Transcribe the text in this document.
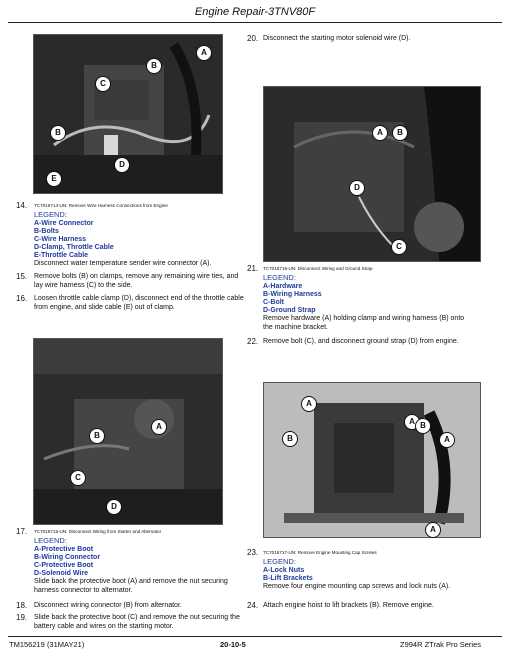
Engine Repair-3TNV80F
A
B
C
B
D
E
14. TC7016714-UN: Remove Wire Harness Connections from Engine
LEGEND:
A-Wire Connector
B-Bolts
C-Wire Harness
D-Clamp, Throttle Cable
E-Throttle Cable
Disconnect water temperature sender wire connector (A).
15. Remove bolts (B) on clamps, remove any remaining wire ties, and lay wire harness (C) to the side.
16. Loosen throttle cable clamp (D), disconnect end of the throttle cable from engine, and slide cable (E) out of clamp.
B
A
C
D
17. TC7016715-UN: Disconnect Wiring from Starter and Alternator
LEGEND:
A-Protective Boot
B-Wiring Connector
C-Protective Boot
D-Solenoid Wire
Slide back the protective boot (A) and remove the nut securing harness connector to alternator.
18. Disconnect wiring connector (B) from alternator.
19. Slide back the protective boot (C) and remove the nut securing the battery cable and wires on the starting motor.
20. Disconnect the starting motor solenoid wire (D).
A	B
D
C
21. TC7016716-UN: Disconnect Wiring and Ground Strap
LEGEND:
A-Hardware
B-Wiring Harness
C-Bolt
D-Ground Strap
Remove hardware (A) holding clamp and wiring harness (B) onto the machine bracket.
22. Remove bolt (C), and disconnect ground strap (D) from engine.
A
A
B
B
A
A
23. TC7016717-UN: Remove Engine Mounting Cap Screws
LEGEND:
A-Lock Nuts
B-Lift Brackets
Remove four engine mounting cap screws and lock nuts (A).
24. Attach engine hoist to lift brackets (B). Remove engine.
TM156219 (31MAY21)	20-10-5	Z994R ZTrak Pro Series
